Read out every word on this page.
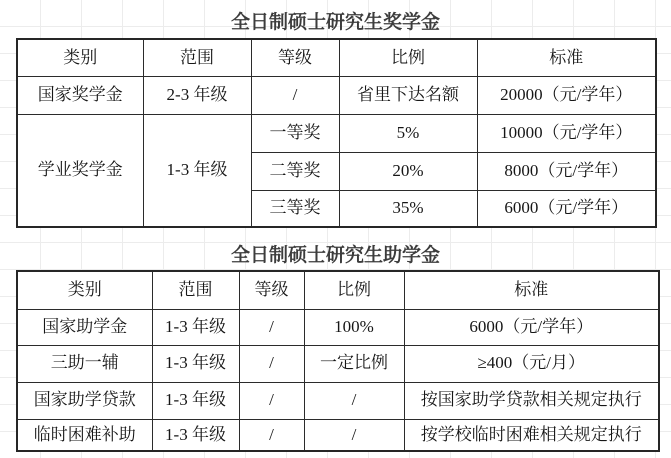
全日制硕士研究生奖学金
类别	范围	等级	比例	标准
国家奖学金	2-3 年级	/	省里下达名额	20000（元/学年）
学业奖学金	1-3 年级	一等奖	5%	10000（元/学年）
		二等奖	20%	8000（元/学年）
		三等奖	35%	6000（元/学年）
全日制硕士研究生助学金
类别	范围	等级	比例	标准
国家助学金	1-3 年级	/	100%	6000（元/学年）
三助一辅	1-3 年级	/	一定比例	≥400（元/月）
国家助学贷款	1-3 年级	/	/	按国家助学贷款相关规定执行
临时困难补助	1-3 年级	/	/	按学校临时困难相关规定执行
